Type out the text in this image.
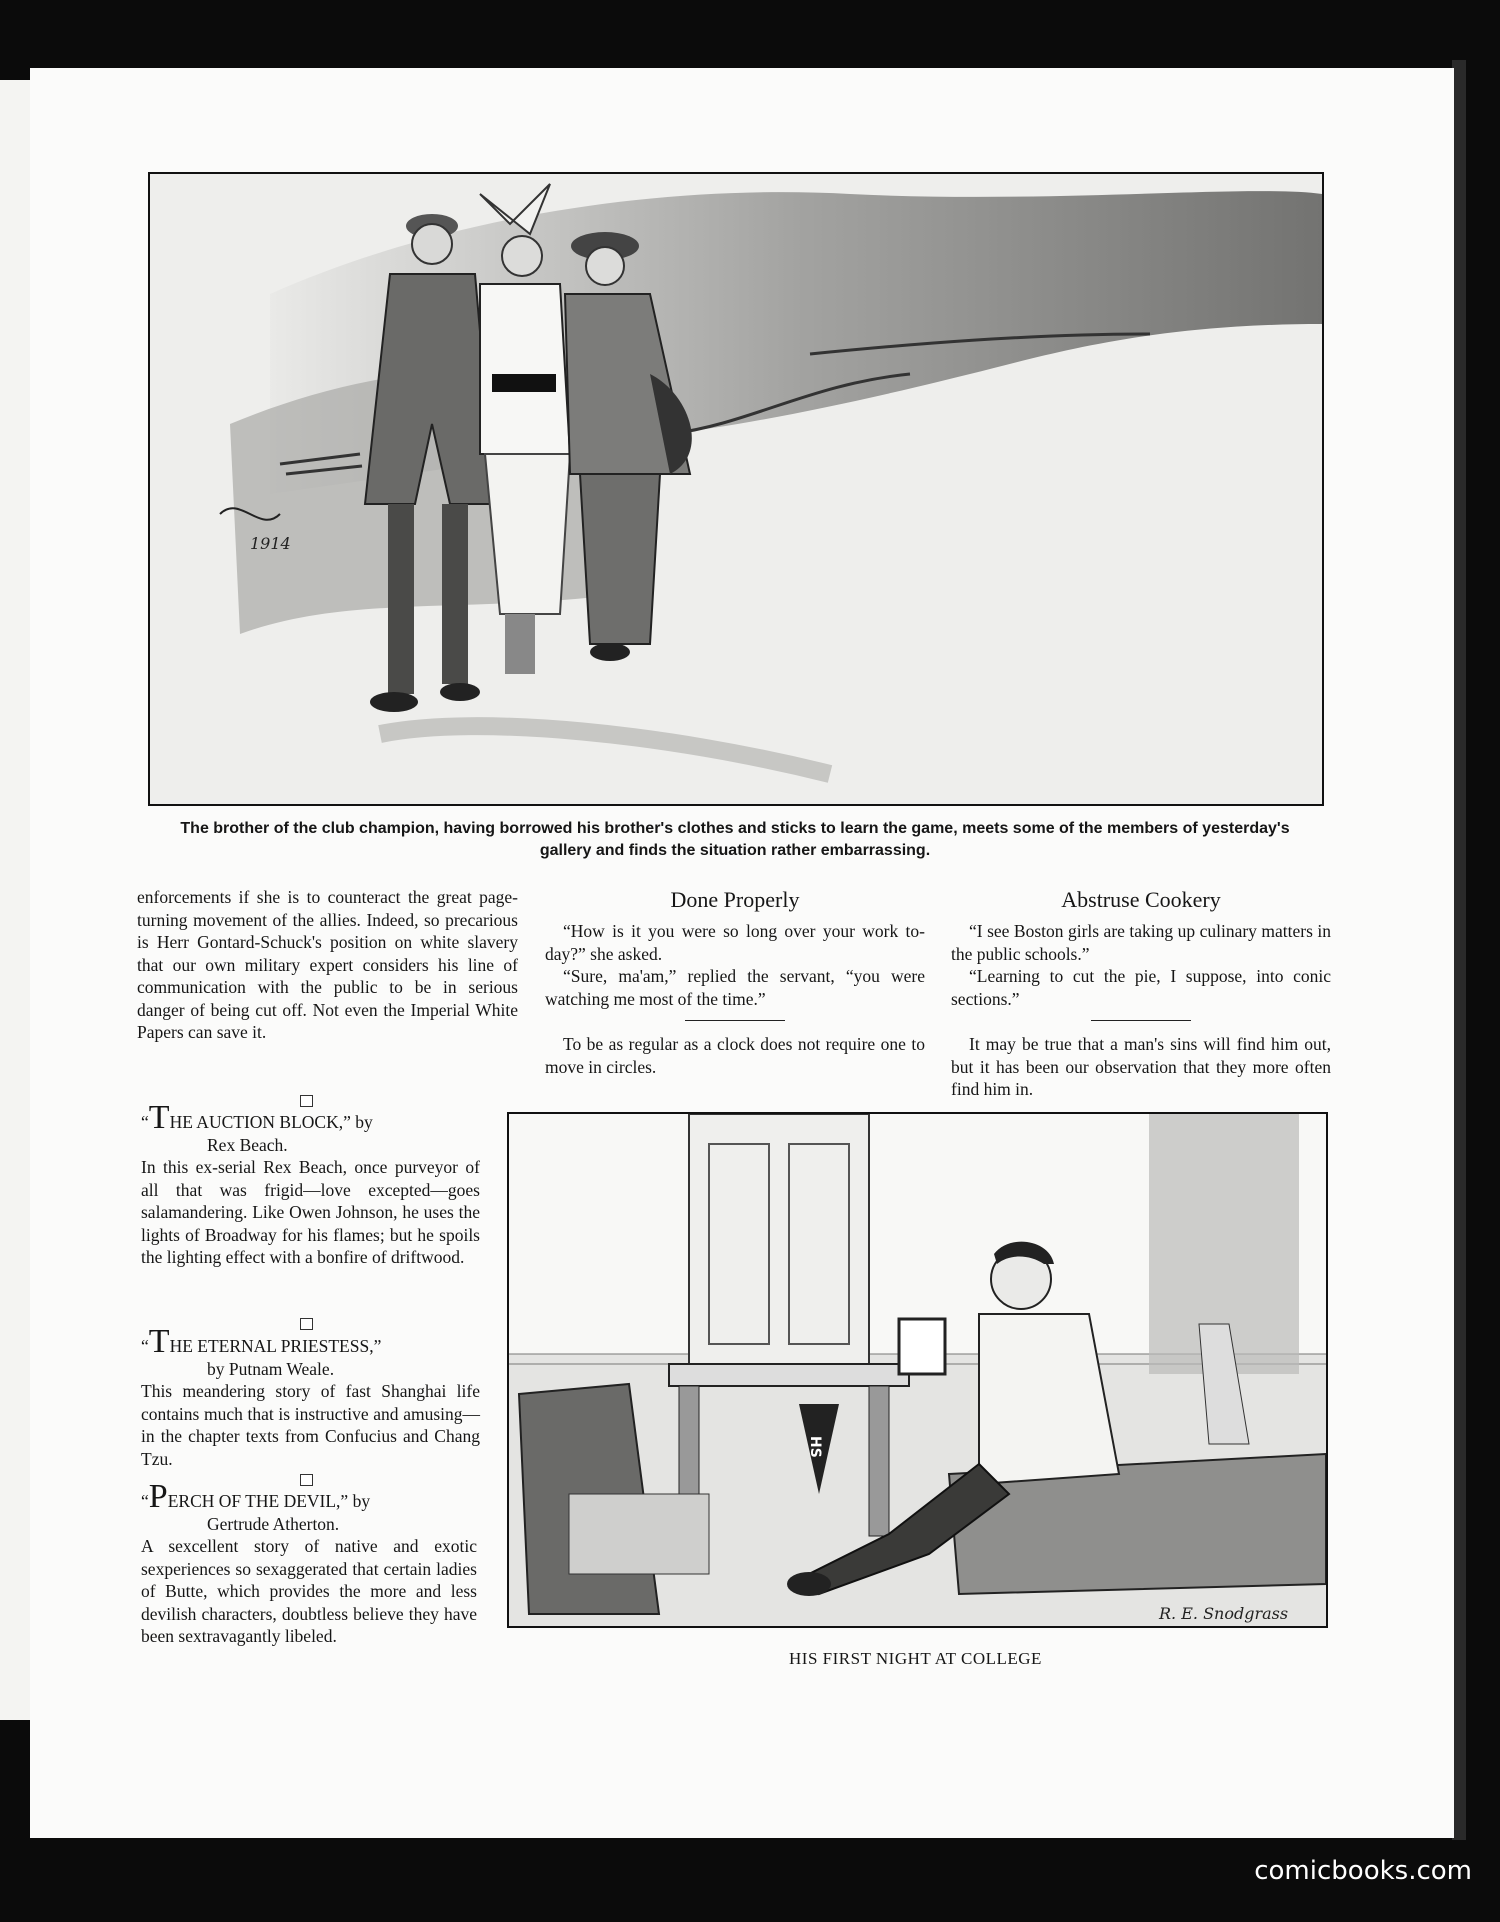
1914
The brother of the club champion, having borrowed his brother's clothes and sticks to learn the game, meets some of the members of yesterday's gallery and finds the situation rather embarrassing.

enforcements if she is to counteract the great page-turning movement of the allies. Indeed, so precarious is Herr Gontard-Schuck's position on white slavery that our own military expert considers his line of communication with the public to be in serious danger of being cut off. Not even the Imperial White Papers can save it.

“THE AUCTION BLOCK,” by

Rex Beach.

In this ex-serial Rex Beach, once purveyor of all that was frigid—love excepted—goes salamandering. Like Owen Johnson, he uses the lights of Broadway for his flames; but he spoils the lighting effect with a bonfire of driftwood.

“THE ETERNAL PRIESTESS,”

by Putnam Weale.

This meandering story of fast Shanghai life contains much that is instructive and amusing—in the chapter texts from Confucius and Chang Tzu.

“PERCH OF THE DEVIL,” by

Gertrude Atherton.

A sexcellent story of native and exotic sexperiences so sexaggerated that certain ladies of Butte, which provides the more and less devilish characters, doubtless believe they have been sextravagantly libeled.

Done Properly

“How is it you were so long over your work to-day?” she asked.

“Sure, ma'am,” replied the servant, “you were watching me most of the time.”

To be as regular as a clock does not require one to move in circles.

Abstruse Cookery

“I see Boston girls are taking up culinary matters in the public schools.”

“Learning to cut the pie, I suppose, into conic sections.”

It may be true that a man's sins will find him out, but it has been our observation that they more often find him in.

HS
R. E. Snodgrass
HIS FIRST NIGHT AT COLLEGE
comicbooks.com
